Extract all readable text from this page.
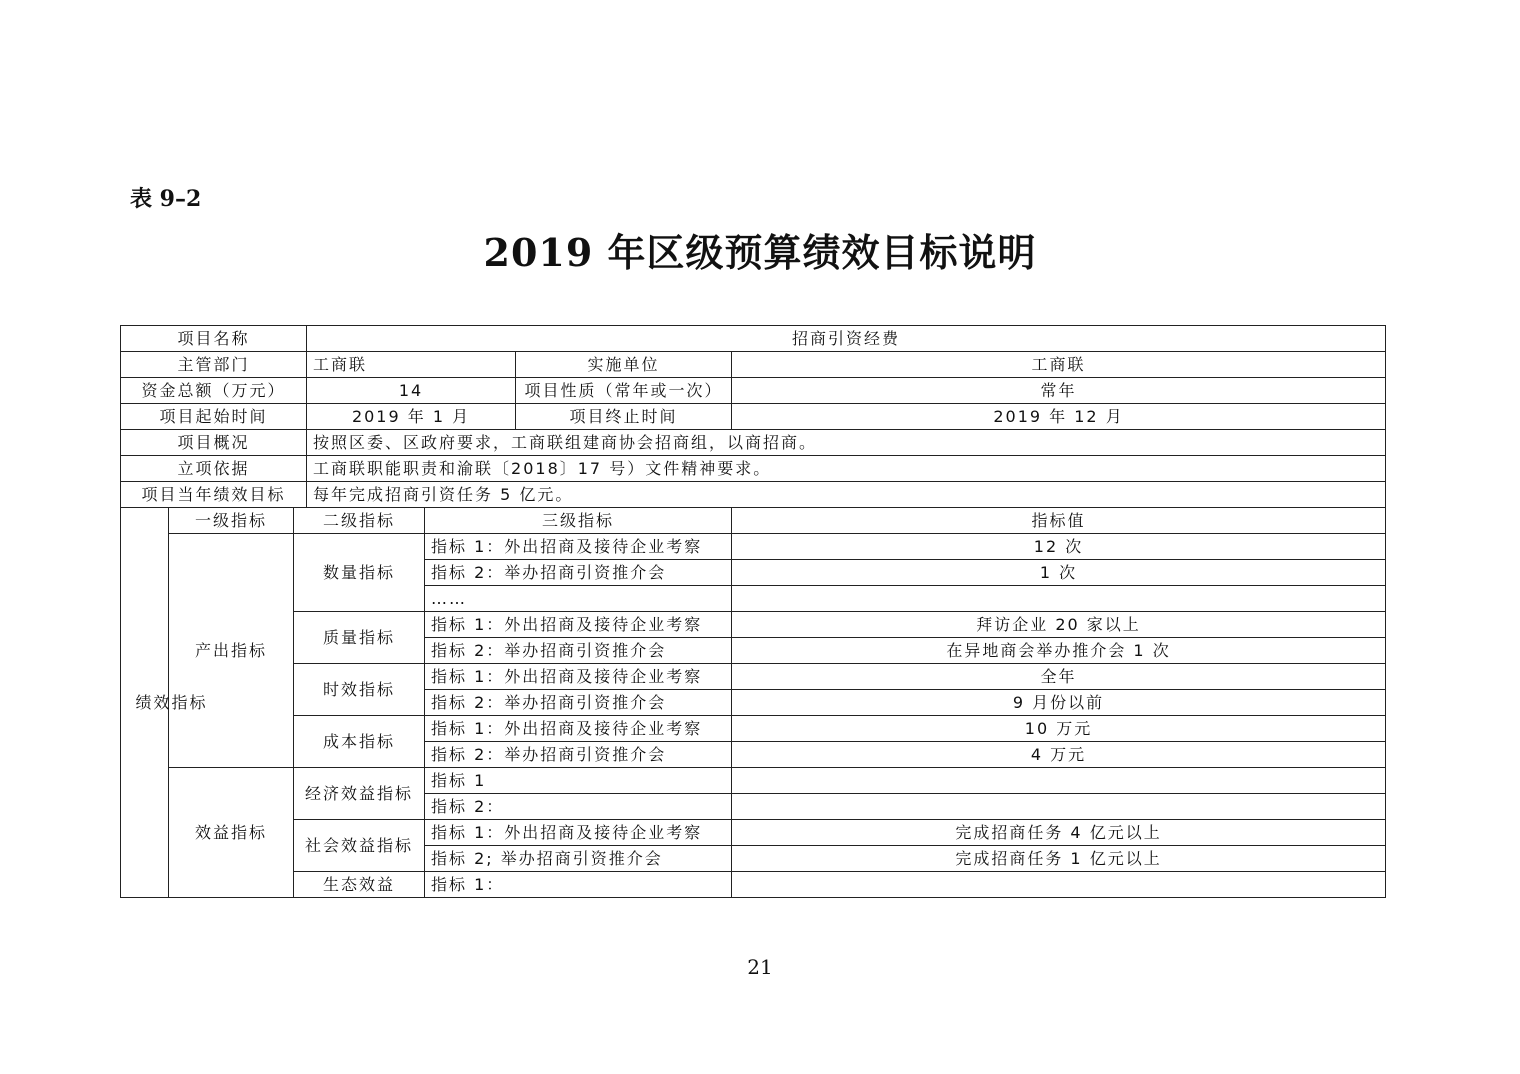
表 9–2
2019 年区级预算绩效目标说明
项目名称			招商引资经费			
主管部门			工商联		实施单位	工商联
资金总额（万元）			14		项目性质（常年或一次）	常年
项目起始时间			2019 年 1 月		项目终止时间	2019 年 12 月
项目概况			按照区委、区政府要求，工商联组建商协会招商组，以商招商。			
立项依据			工商联职能职责和渝联〔2018〕17 号）文件精神要求。			
项目当年绩效目标			每年完成招商引资任务 5 亿元。			

绩效指标	一级指标	二级指标		三级指标		指标值
	产出指标	数量指标		指标 1：外出招商及接待企业考察		12 次
				指标 2：举办招商引资推介会		1 次
				……		
		质量指标		指标 1：外出招商及接待企业考察		拜访企业 20 家以上
				指标 2：举办招商引资推介会		在异地商会举办推介会 1 次
		时效指标		指标 1：外出招商及接待企业考察		全年
				指标 2：举办招商引资推介会		9 月份以前
		成本指标		指标 1：外出招商及接待企业考察		10 万元
				指标 2：举办招商引资推介会		4 万元
	效益指标	经济效益指标		指标 1		
				指标 2：		
		社会效益指标		指标 1：外出招商及接待企业考察		完成招商任务 4 亿元以上
				指标 2; 举办招商引资推介会		完成招商任务 1 亿元以上
		生态效益		指标 1：		
21
